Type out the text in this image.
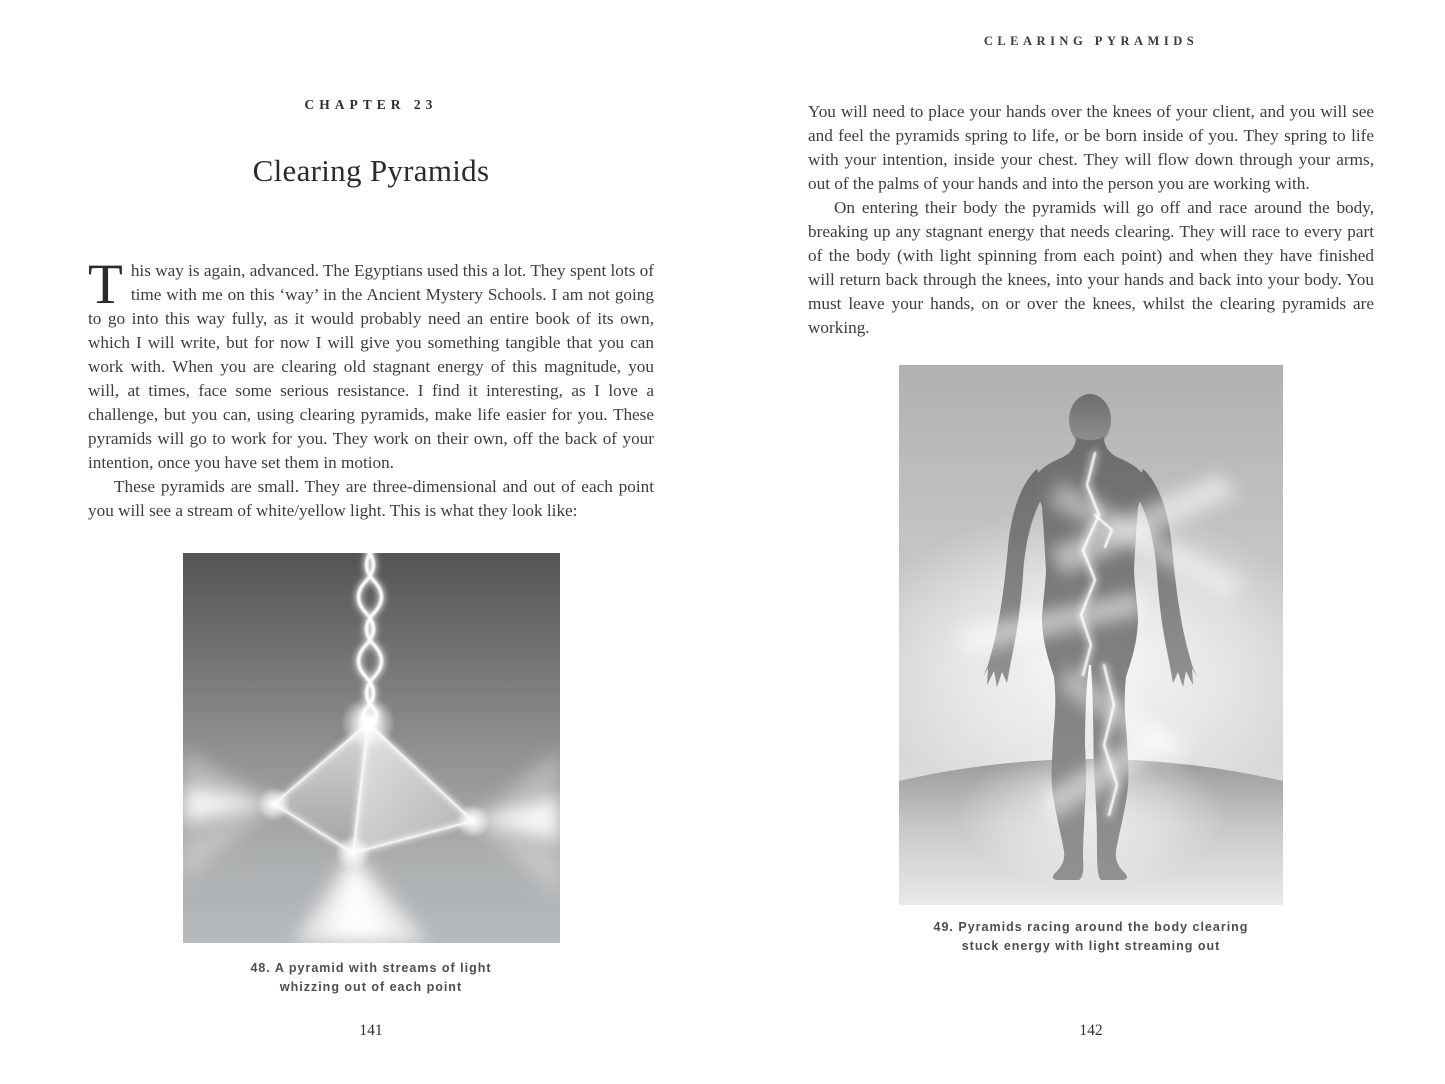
CHAPTER 23
Clearing Pyramids

This way is again, advanced. The Egyptians used this a lot. They spent lots of time with me on this ‘way’ in the Ancient Mystery Schools. I am not going to go into this way fully, as it would probably need an entire book of its own, which I will write, but for now I will give you something tangible that you can work with. When you are clearing old stagnant energy of this magnitude, you will, at times, face some serious resistance. I find it interesting, as I love a challenge, but you can, using clearing pyramids, make life easier for you. These pyramids will go to work for you. They work on their own, off the back of your intention, once you have set them in motion.

These pyramids are small. They are three-dimensional and out of each point you will see a stream of white/yellow light. This is what they look like:

48. A pyramid with streams of light
whizzing out of each point
141
CLEARING PYRAMIDS

You will need to place your hands over the knees of your client, and you will see and feel the pyramids spring to life, or be born inside of you. They spring to life with your intention, inside your chest. They will flow down through your arms, out of the palms of your hands and into the person you are working with.

On entering their body the pyramids will go off and race around the body, breaking up any stagnant energy that needs clearing. They will race to every part of the body (with light spinning from each point) and when they have finished will return back through the knees, into your hands and back into your body. You must leave your hands, on or over the knees, whilst the clearing pyramids are working.

49. Pyramids racing around the body clearing
stuck energy with light streaming out
142
